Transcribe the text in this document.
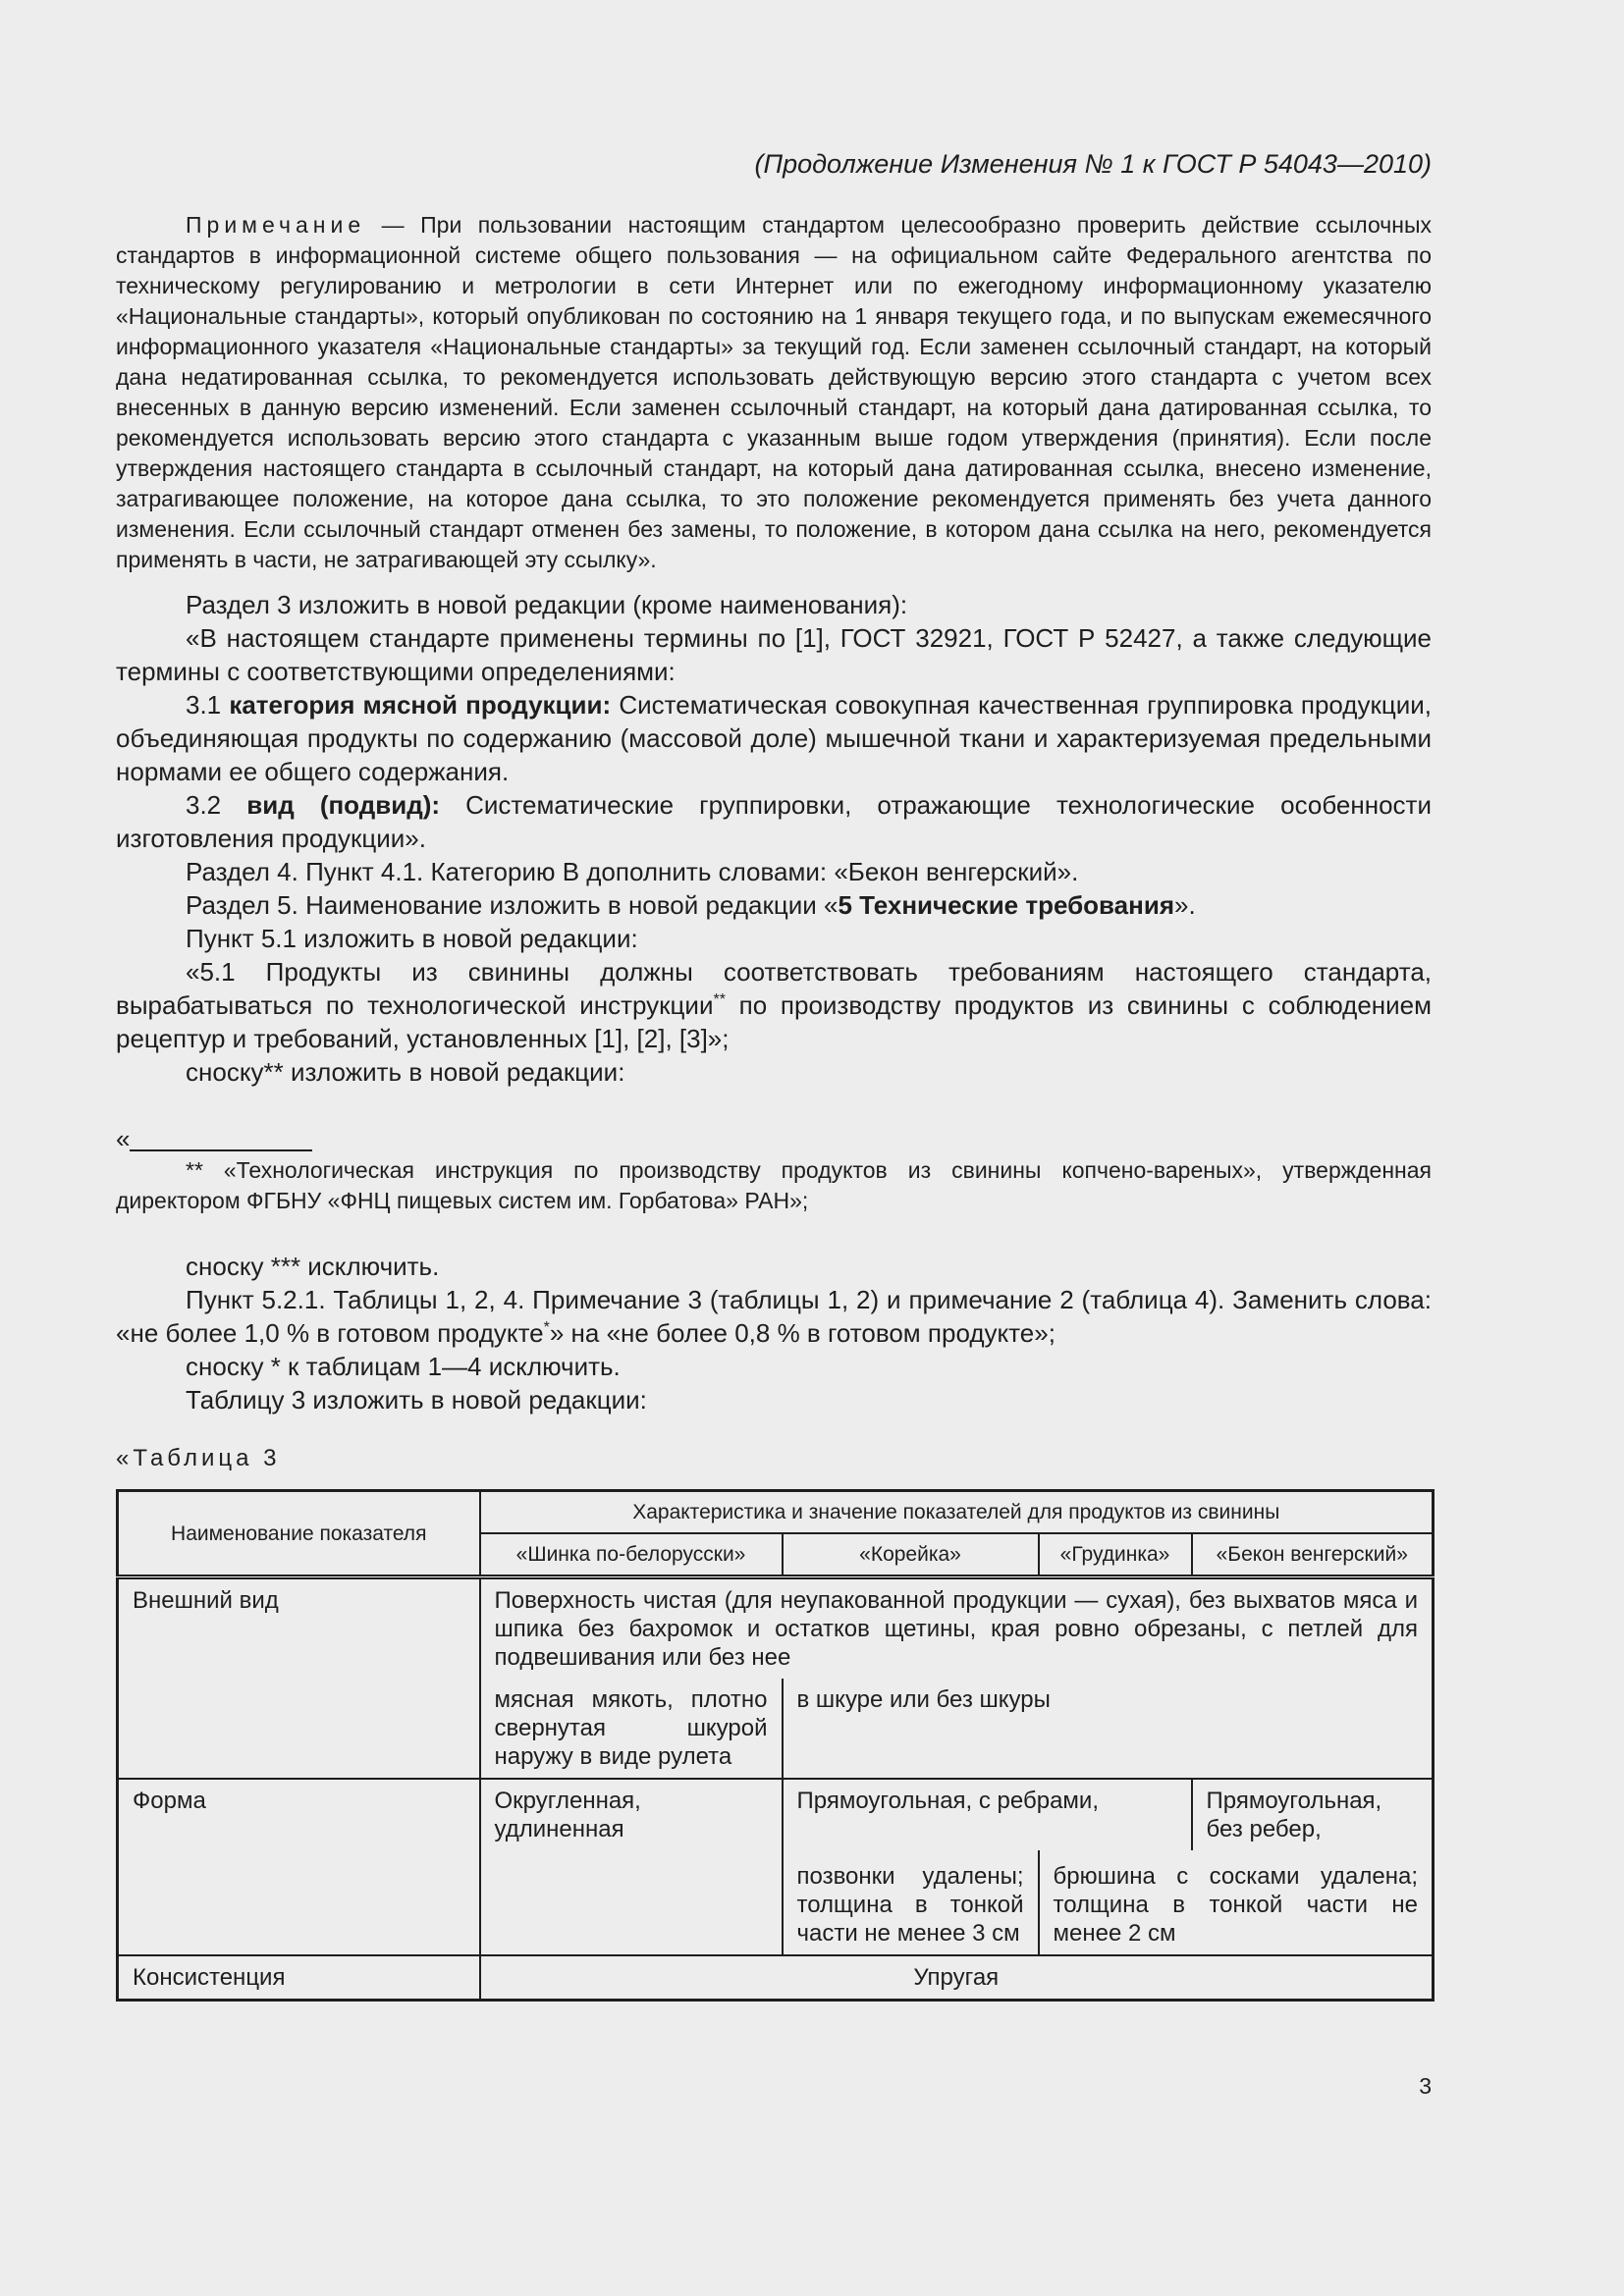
(Продолжение Изменения № 1 к ГОСТ Р 54043—2010)

Примечание — При пользовании настоящим стандартом целесообразно проверить действие ссылочных стандартов в информационной системе общего пользования — на официальном сайте Федерального агентства по техническому регулированию и метрологии в сети Интернет или по ежегодному информационному указателю «Национальные стандарты», который опубликован по состоянию на 1 января текущего года, и по выпускам ежемесячного информационного указателя «Национальные стандарты» за текущий год. Если заменен ссылочный стандарт, на который дана недатированная ссылка, то рекомендуется использовать действующую версию этого стандарта с учетом всех внесенных в данную версию изменений. Если заменен ссылочный стандарт, на который дана датированная ссылка, то рекомендуется использовать версию этого стандарта с указанным выше годом утверждения (принятия). Если после утверждения настоящего стандарта в ссылочный стандарт, на который дана датированная ссылка, внесено изменение, затрагивающее положение, на которое дана ссылка, то это положение рекомендуется применять без учета данного изменения. Если ссылочный стандарт отменен без замены, то положение, в котором дана ссылка на него, рекомендуется применять в части, не затрагивающей эту ссылку».

Раздел 3 изложить в новой редакции (кроме наименования):

«В настоящем стандарте применены термины по [1], ГОСТ 32921, ГОСТ Р 52427, а также следующие термины с соответствующими определениями:

3.1 категория мясной продукции: Систематическая совокупная качественная группировка продукции, объединяющая продукты по содержанию (массовой доле) мышечной ткани и характеризуемая предельными нормами ее общего содержания.

3.2 вид (подвид): Систематические группировки, отражающие технологические особенности изготовления продукции».

Раздел 4. Пункт 4.1. Категорию В дополнить словами: «Бекон венгерский».

Раздел 5. Наименование изложить в новой редакции «5 Технические требования».

Пункт 5.1 изложить в новой редакции:

«5.1 Продукты из свинины должны соответствовать требованиям настоящего стандарта, вырабатываться по технологической инструкции** по производству продуктов из свинины с соблюдением рецептур и требований, установленных [1], [2], [3]»;

сноску** изложить в новой редакции:

«

** «Технологическая инструкция по производству продуктов из свинины копчено-вареных», утвержденная директором ФГБНУ «ФНЦ пищевых систем им. Горбатова» РАН»;

сноску *** исключить.

Пункт 5.2.1. Таблицы 1, 2, 4. Примечание 3 (таблицы 1, 2) и примечание 2 (таблица 4). Заменить слова: «не более 1,0 % в готовом продукте*» на «не более 0,8 % в готовом продукте»;

сноску * к таблицам 1—4 исключить.

Таблицу 3 изложить в новой редакции:

«Таблица 3
Наименование показателя	Характеристика и значение показателей для продуктов из свинины			
	«Шинка по-белорусски»	«Корейка»	«Грудинка»	«Бекон венгерский»
Внешний вид	Поверхность чистая (для неупакованной продукции — сухая), без выхватов мяса и шпика без бахромок и остатков щетины, края ровно обрезаны, с петлей для подвешивания или без нее			
	мясная мякоть, плотно свернутая шкурой наружу в виде рулета	в шкуре или без шкуры		
Форма	Округленная, удлиненная	Прямоугольная, с ребрами,		Прямоугольная, без ребер,
		позвонки удалены; толщина в тонкой части не менее 3 см	брюшина с сосками удалена; толщина в тонкой части не менее 2 см	
Консистенция	Упругая			
3
